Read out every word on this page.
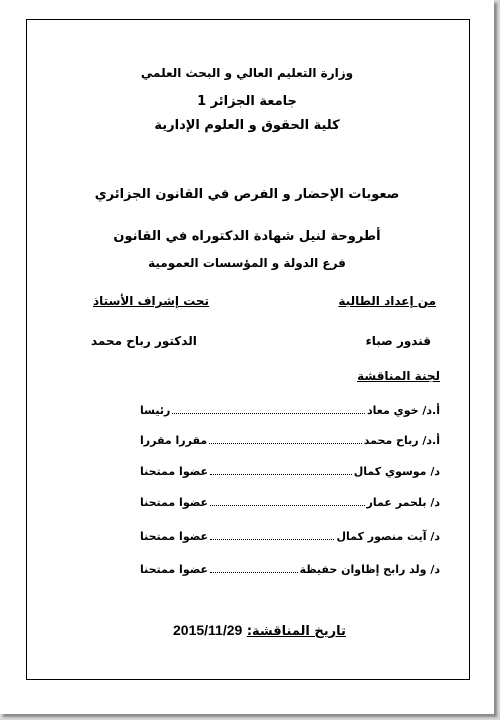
وزارة التعليم العالي و البحث العلمي
جامعة الجزائر 1
كلية الحقوق و العلوم الإدارية
صعوبات الإحضار و الفرص في القانون الجزائري
أطروحة لنيل شهادة الدكتوراه في القانون
فرع الدولة و المؤسسات العمومية
من إعداد الطالبة
تحت إشراف الأستاذ
قندور صباء
الدكتور رباح محمد
لجنة المناقشة
أ.د/ خوي معاد
رئيسا
أ.د/ رباح محمد
مقررا مقررا
د/ موسوي كمال
عضوا ممتحنا
د/ بلحمر عمار
عضوا ممتحنا
د/ آيت منصور كمال
عضوا ممتحنا
د/ ولد رابح إظاوان حفيظة
عضوا ممتحنا
تاريخ المناقشة: 2015/11/29
